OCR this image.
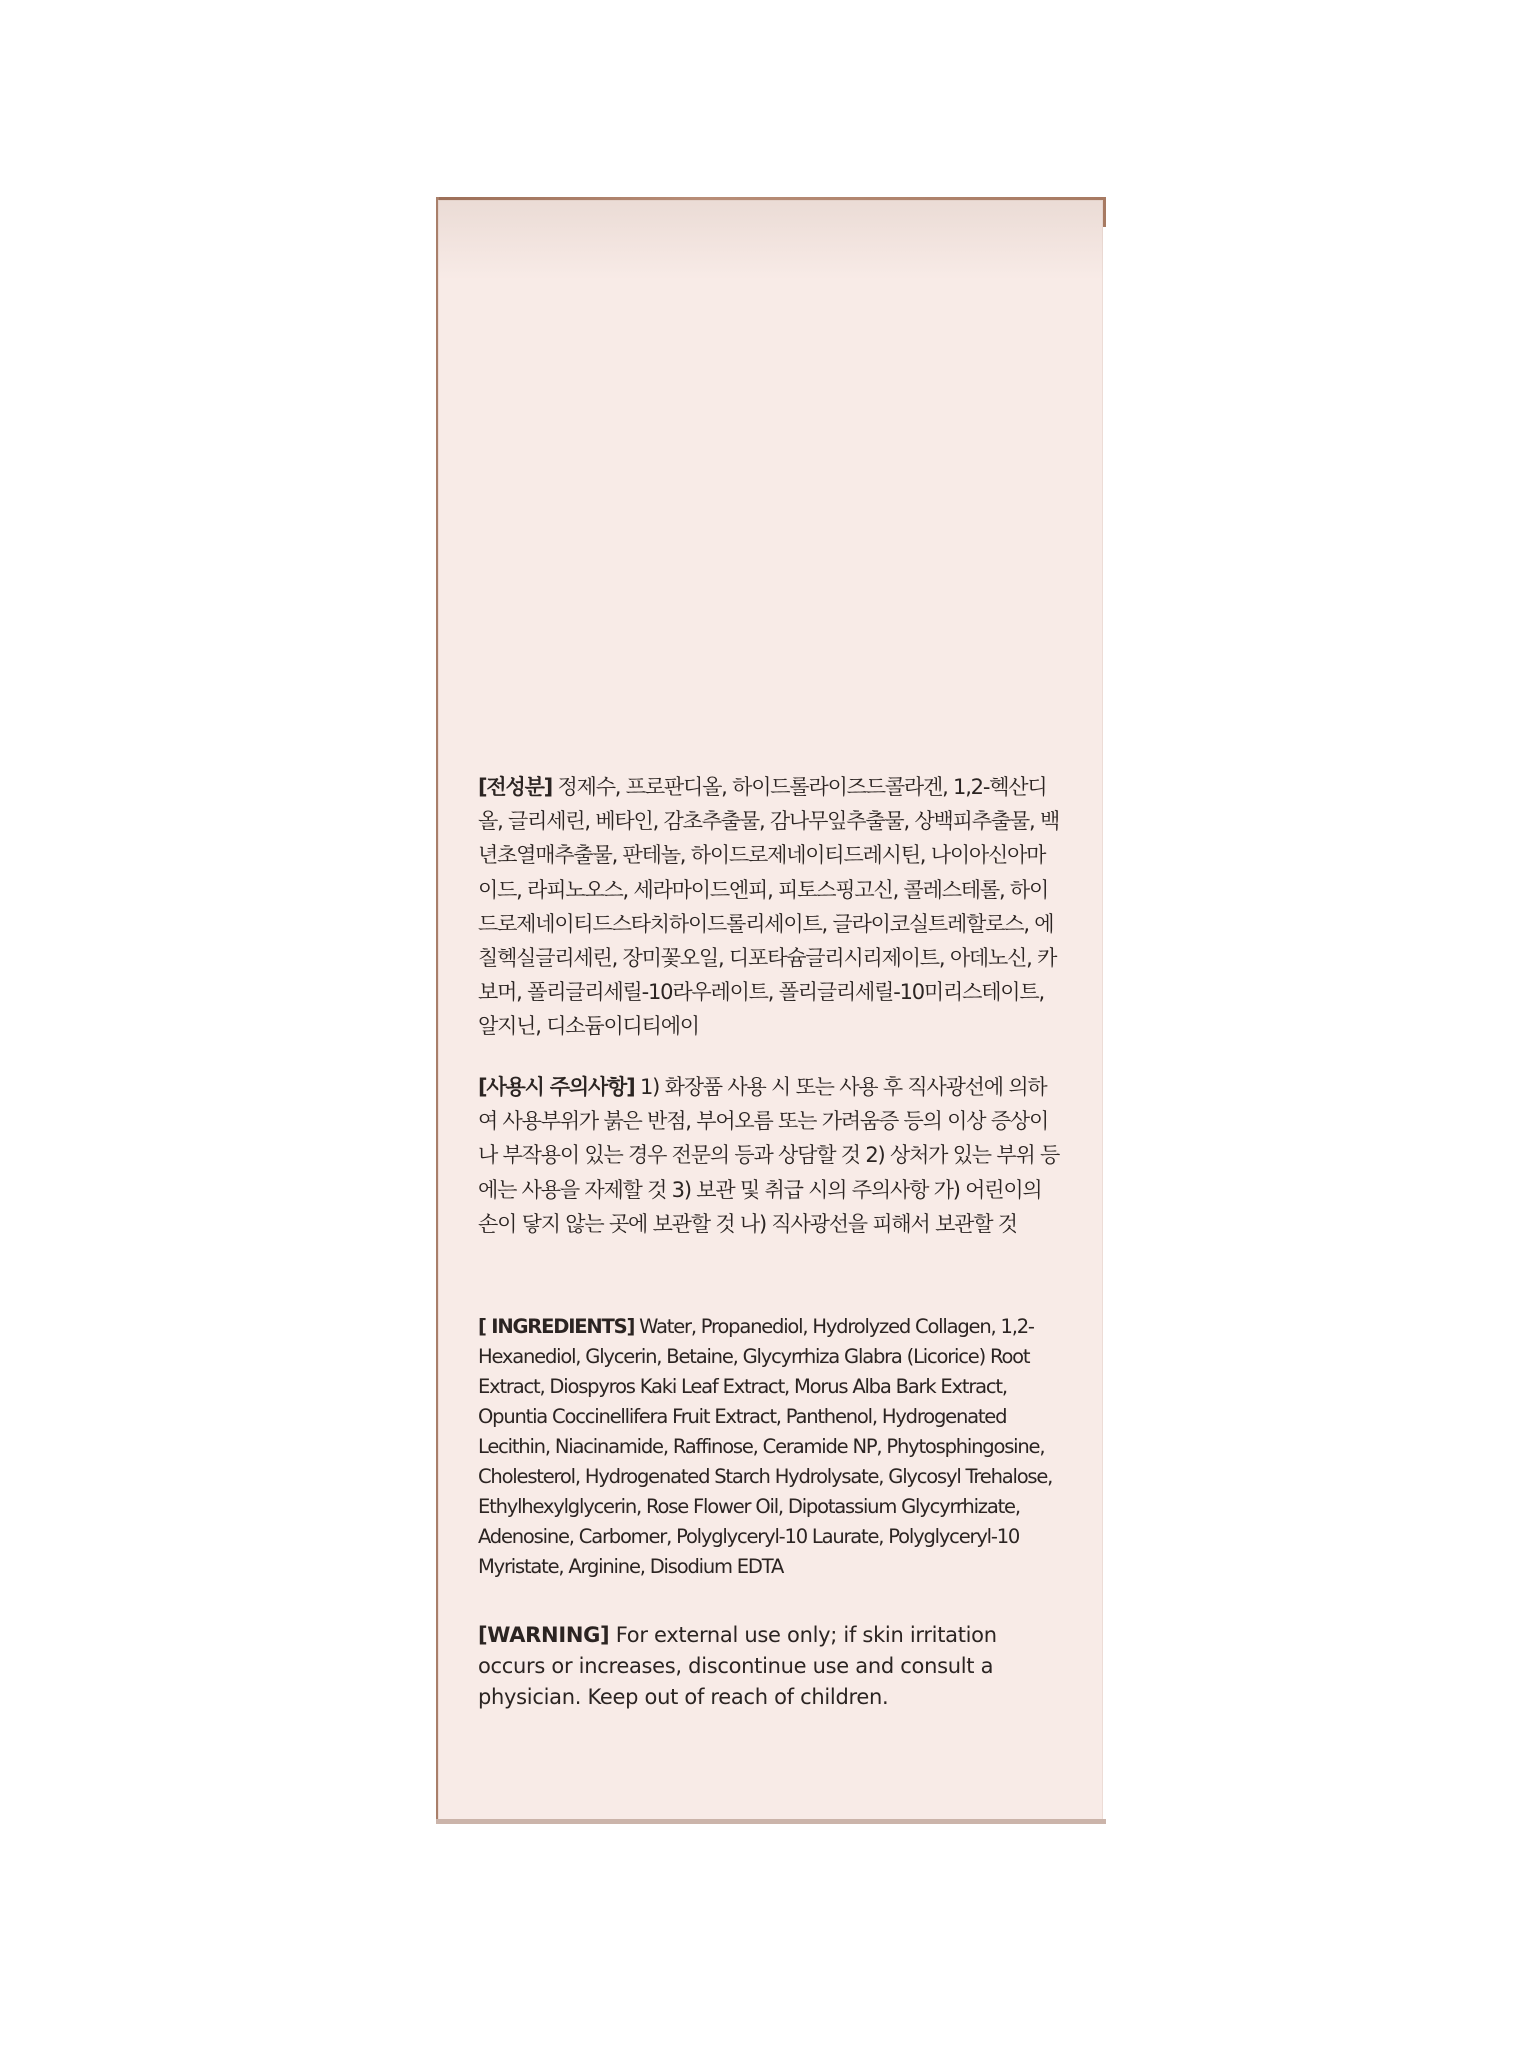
[전성분] 정제수, 프로판디올, 하이드롤라이즈드콜라겐, 1,2-헥산디올, 글리세린, 베타인, 감초추출물, 감나무잎추출물, 상백피추출물, 백년초열매추출물, 판테놀, 하이드로제네이티드레시틴, 나이아신아마이드, 라피노오스, 세라마이드엔피, 피토스핑고신, 콜레스테롤, 하이드로제네이티드스타치하이드롤리세이트, 글라이코실트레할로스, 에칠헥실글리세린, 장미꽃오일, 디포타슘글리시리제이트, 아데노신, 카보머, 폴리글리세릴-10라우레이트, 폴리글리세릴-10미리스테이트, 알지닌, 디소듐이디티에이
[사용시 주의사항] 1) 화장품 사용 시 또는 사용 후 직사광선에 의하여 사용부위가 붉은 반점, 부어오름 또는 가려움증 등의 이상 증상이나 부작용이 있는 경우 전문의 등과 상담할 것 2) 상처가 있는 부위 등에는 사용을 자제할 것 3) 보관 및 취급 시의 주의사항 가) 어린이의 손이 닿지 않는 곳에 보관할 것 나) 직사광선을 피해서 보관할 것
[ INGREDIENTS] Water, Propanediol, Hydrolyzed Collagen, 1,2-Hexanediol, Glycerin, Betaine, Glycyrrhiza Glabra (Licorice) Root Extract, Diospyros Kaki Leaf Extract, Morus Alba Bark Extract, Opuntia Coccinellifera Fruit Extract, Panthenol, Hydrogenated Lecithin, Niacinamide, Raffinose, Ceramide NP, Phytosphingosine, Cholesterol, Hydrogenated Starch Hydrolysate, Glycosyl Trehalose, Ethylhexylglycerin, Rose Flower Oil, Dipotassium Glycyrrhizate, Adenosine, Carbomer, Polyglyceryl-10 Laurate, Polyglyceryl-10 Myristate, Arginine, Disodium EDTA
[WARNING] For external use only; if skin irritation occurs or increases, discontinue use and consult a physician. Keep out of reach of children.
